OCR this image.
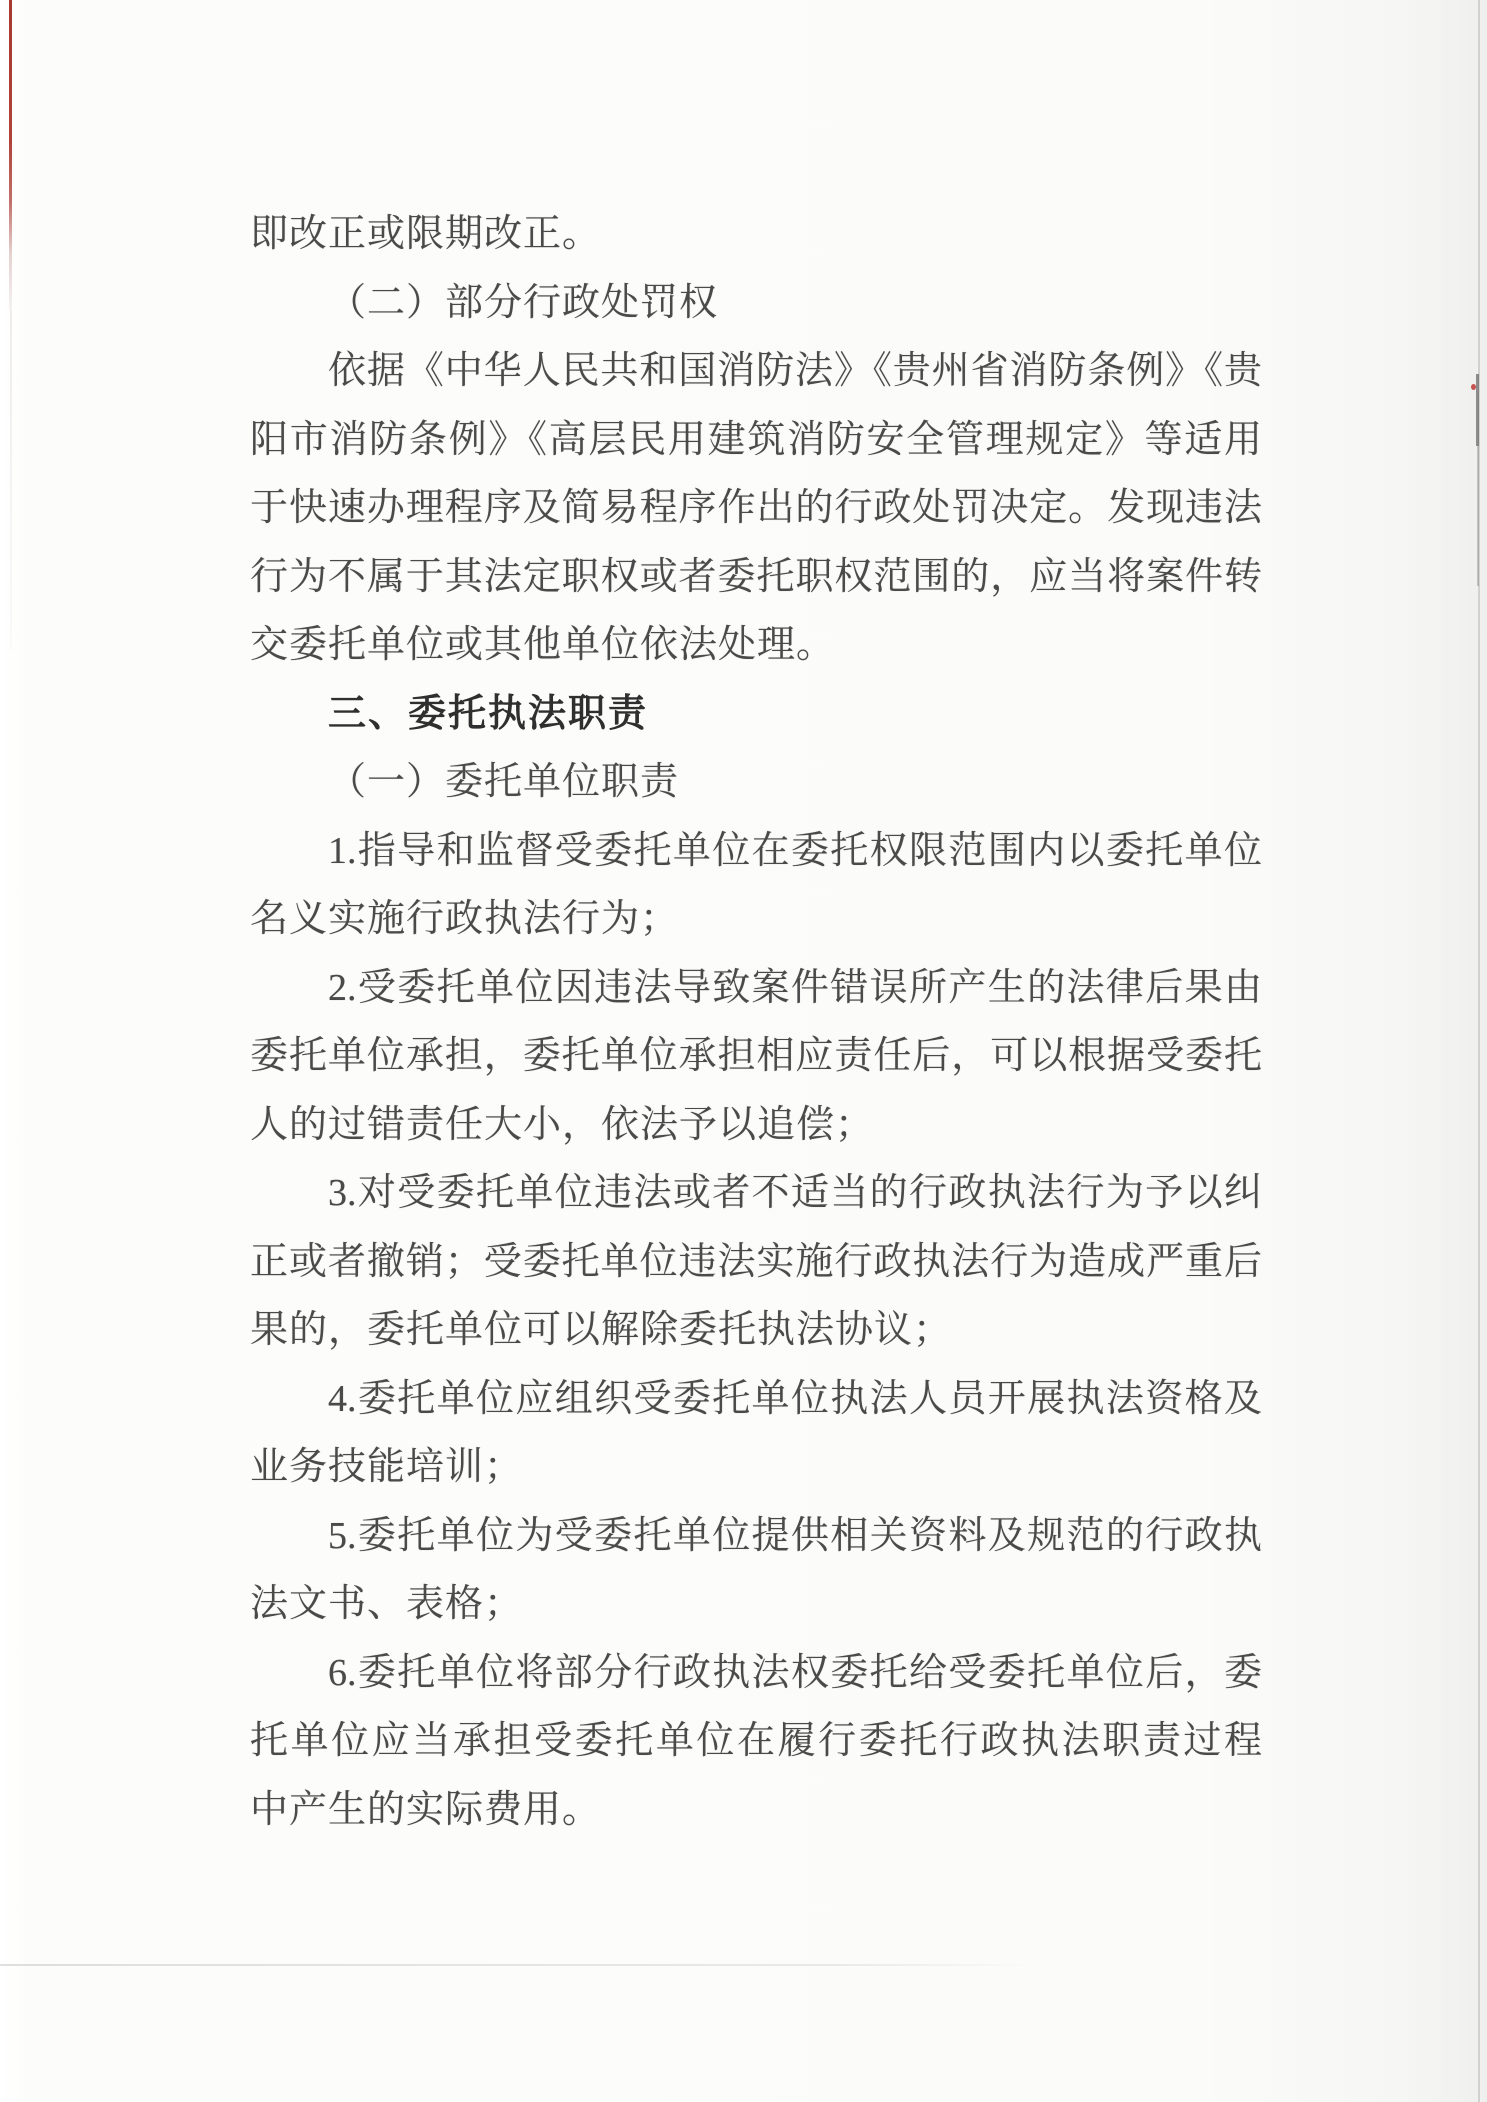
即改正或限期改正。
（二）部分行政处罚权
依据《中华人民共和国消防法》《贵州省消防条例》《贵
阳市消防条例》《高层民用建筑消防安全管理规定》等适用
于快速办理程序及简易程序作出的行政处罚决定。发现违法
行为不属于其法定职权或者委托职权范围的，应当将案件转
交委托单位或其他单位依法处理。
三、委托执法职责
（一）委托单位职责
1.指导和监督受委托单位在委托权限范围内以委托单位
名义实施行政执法行为；
2.受委托单位因违法导致案件错误所产生的法律后果由
委托单位承担，委托单位承担相应责任后，可以根据受委托
人的过错责任大小，依法予以追偿；
3.对受委托单位违法或者不适当的行政执法行为予以纠
正或者撤销；受委托单位违法实施行政执法行为造成严重后
果的，委托单位可以解除委托执法协议；
4.委托单位应组织受委托单位执法人员开展执法资格及
业务技能培训；
5.委托单位为受委托单位提供相关资料及规范的行政执
法文书、表格；
6.委托单位将部分行政执法权委托给受委托单位后，委
托单位应当承担受委托单位在履行委托行政执法职责过程
中产生的实际费用。
